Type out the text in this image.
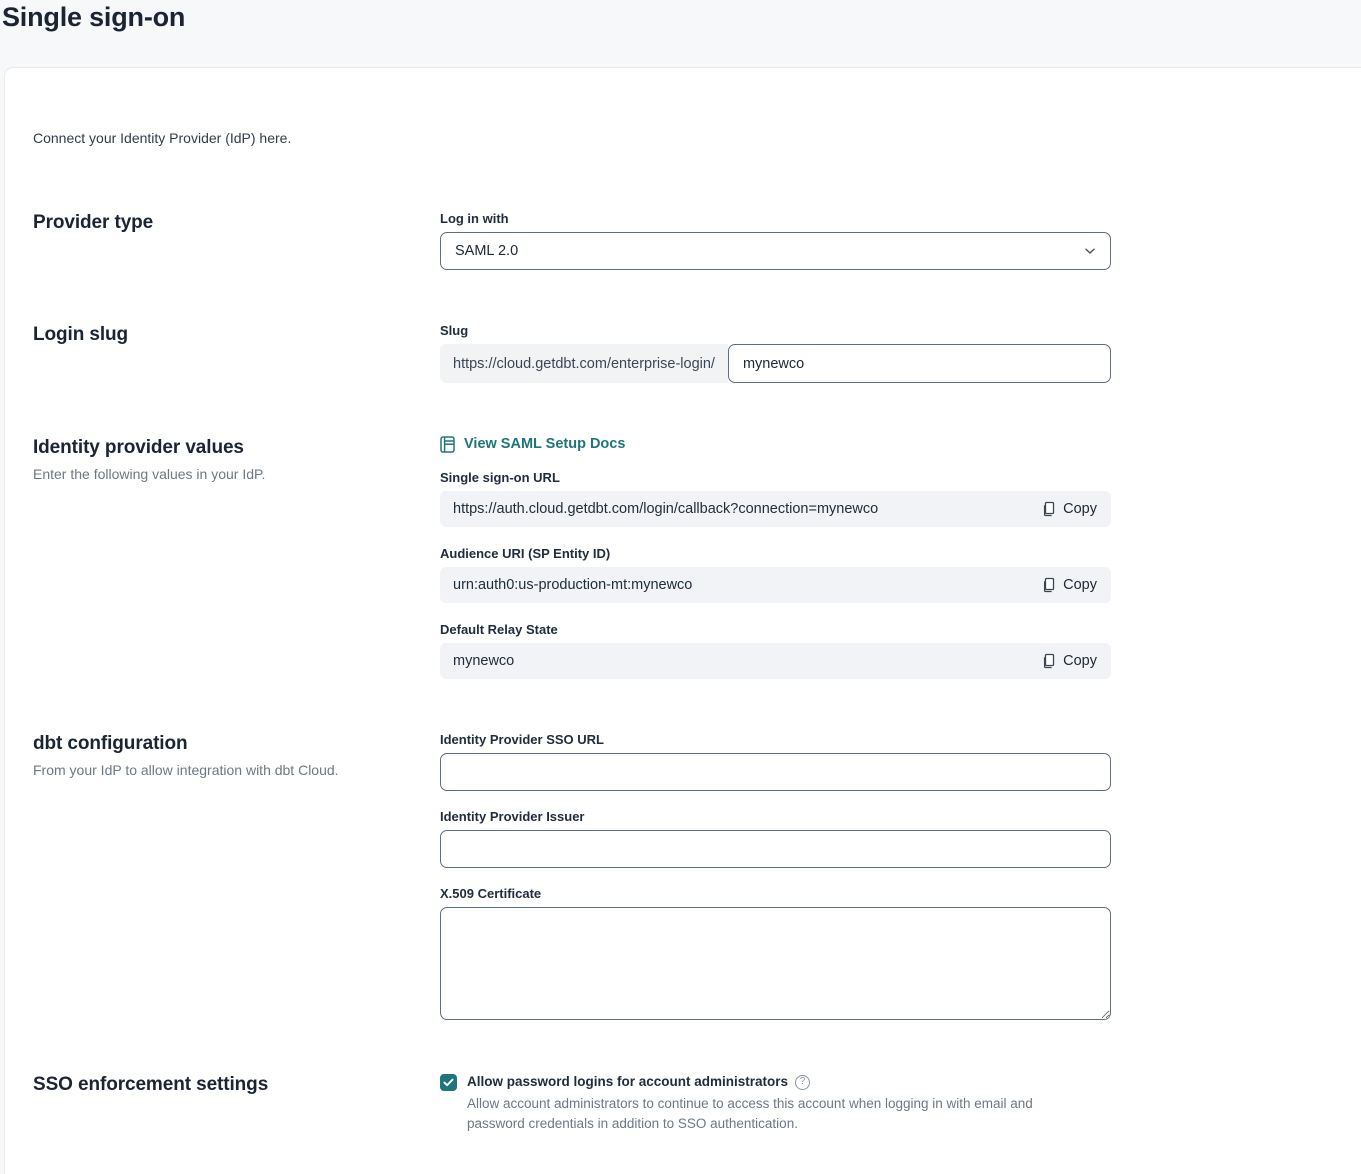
Single sign-on

Connect your Identity Provider (IdP) here.

Provider type	Log in with
SAML 2.0
Login slug	Slug
https://cloud.getdbt.com/enterprise-login/
mynewco
Identity provider values

Enter the following values in your IdP.

View SAML Setup Docs
Single sign-on URL
https://auth.cloud.getdbt.com/login/callback?connection=mynewco	Copy
Audience URI (SP Entity ID)
urn:auth0:us-production-mt:mynewco	Copy
Default Relay State
mynewco	Copy
dbt configuration

From your IdP to allow integration with dbt Cloud.

Identity Provider SSO URL
Identity Provider Issuer
X.509 Certificate
SSO enforcement settings	Allow password logins for account administrators	?

Allow account administrators to continue to access this account when logging in with email and password credentials in addition to SSO authentication.
